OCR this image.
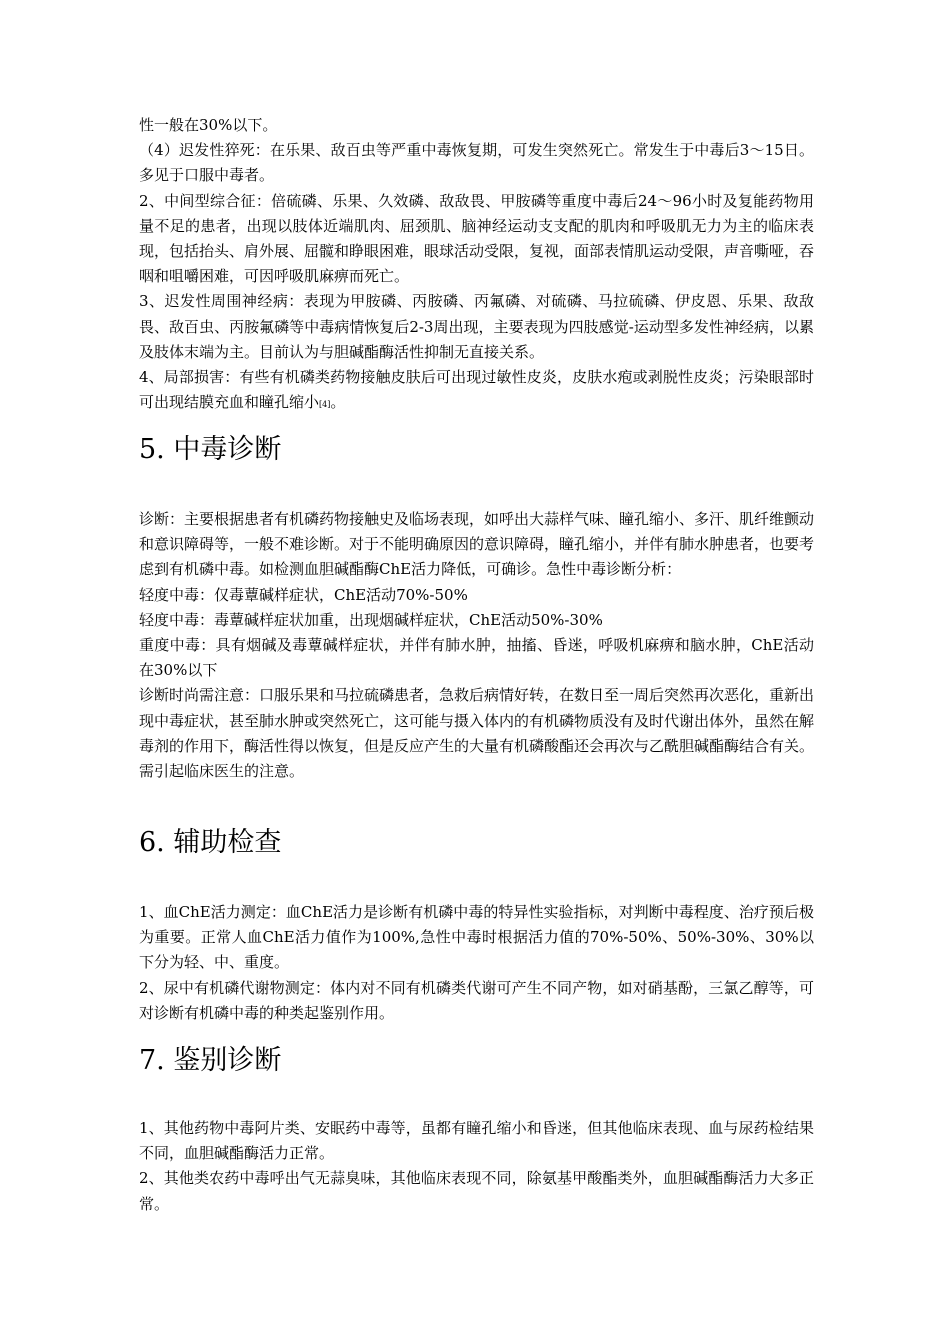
性一般在30%以下。

（4）迟发性猝死：在乐果、敌百虫等严重中毒恢复期，可发生突然死亡。常发生于中毒后3～15日。多见于口服中毒者。

2、中间型综合征：倍硫磷、乐果、久效磷、敌敌畏、甲胺磷等重度中毒后24～96小时及复能药物用量不足的患者，出现以肢体近端肌肉、屈颈肌、脑神经运动支支配的肌肉和呼吸肌无力为主的临床表现，包括抬头、肩外展、屈髋和睁眼困难，眼球活动受限，复视，面部表情肌运动受限，声音嘶哑，吞咽和咀嚼困难，可因呼吸肌麻痹而死亡。

3、迟发性周围神经病：表现为甲胺磷、丙胺磷、丙氟磷、对硫磷、马拉硫磷、伊皮恩、乐果、敌敌畏、敌百虫、丙胺氟磷等中毒病情恢复后2-3周出现，主要表现为四肢感觉-运动型多发性神经病，以累及肢体末端为主。目前认为与胆碱酯酶活性抑制无直接关系。

4、局部损害：有些有机磷类药物接触皮肤后可出现过敏性皮炎，皮肤水疱或剥脱性皮炎；污染眼部时可出现结膜充血和瞳孔缩小[4]。

5. 中毒诊断

诊断：主要根据患者有机磷药物接触史及临场表现，如呼出大蒜样气味、瞳孔缩小、多汗、肌纤维颤动和意识障碍等，一般不难诊断。对于不能明确原因的意识障碍，瞳孔缩小，并伴有肺水肿患者，也要考虑到有机磷中毒。如检测血胆碱酯酶ChE活力降低，可确诊。急性中毒诊断分析：

轻度中毒：仅毒蕈碱样症状，ChE活动70%-50%

轻度中毒：毒蕈碱样症状加重，出现烟碱样症状，ChE活动50%-30%

重度中毒：具有烟碱及毒蕈碱样症状，并伴有肺水肿，抽搐、昏迷，呼吸机麻痹和脑水肿，ChE活动在30%以下

诊断时尚需注意：口服乐果和马拉硫磷患者，急救后病情好转，在数日至一周后突然再次恶化，重新出现中毒症状，甚至肺水肿或突然死亡，这可能与摄入体内的有机磷物质没有及时代谢出体外，虽然在解毒剂的作用下，酶活性得以恢复，但是反应产生的大量有机磷酸酯还会再次与乙酰胆碱酯酶结合有关。需引起临床医生的注意。

6. 辅助检查

1、血ChE活力测定：血ChE活力是诊断有机磷中毒的特异性实验指标，对判断中毒程度、治疗预后极为重要。正常人血ChE活力值作为100%,急性中毒时根据活力值的70%-50%、50%-30%、30%以下分为轻、中、重度。

2、尿中有机磷代谢物测定：体内对不同有机磷类代谢可产生不同产物，如对硝基酚，三氯乙醇等，可对诊断有机磷中毒的种类起鉴别作用。

7. 鉴别诊断

1、其他药物中毒阿片类、安眠药中毒等，虽都有瞳孔缩小和昏迷，但其他临床表现、血与尿药检结果不同，血胆碱酯酶活力正常。

2、其他类农药中毒呼出气无蒜臭味，其他临床表现不同，除氨基甲酸酯类外，血胆碱酯酶活力大多正常。
